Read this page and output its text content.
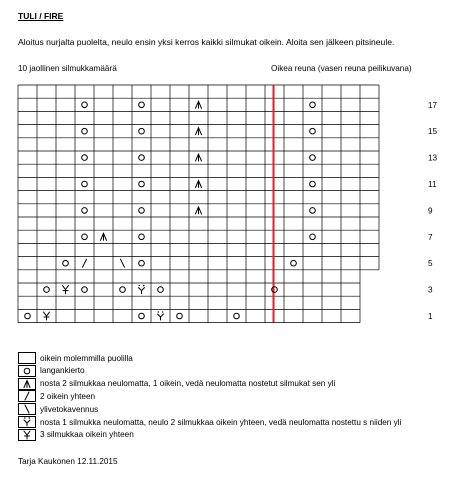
TULI / FIRE
Aloitus nurjalta puolelta, neulo ensin yksi kerros kaikki silmukat oikein. Aloita sen jälkeen pitsineule.
10 jaollinen silmukkamäärä	Oikea reuna (vasen reuna peilikuvana)
17
15
13
11
9
7
5
3
1
oikein molemmilla puolilla
langankierto
nosta 2 silmukkaa neulomatta, 1 oikein, vedä neulomatta nostetut silmukat sen yli
2 oikein yhteen
ylivetokavennus
nosta 1 silmukka neulomatta, neulo 2 silmukkaa oikein yhteen, vedä neulomatta nostettu s niiden yli
3 silmukkaa oikein yhteen
Tarja Kaukonen 12.11.2015
